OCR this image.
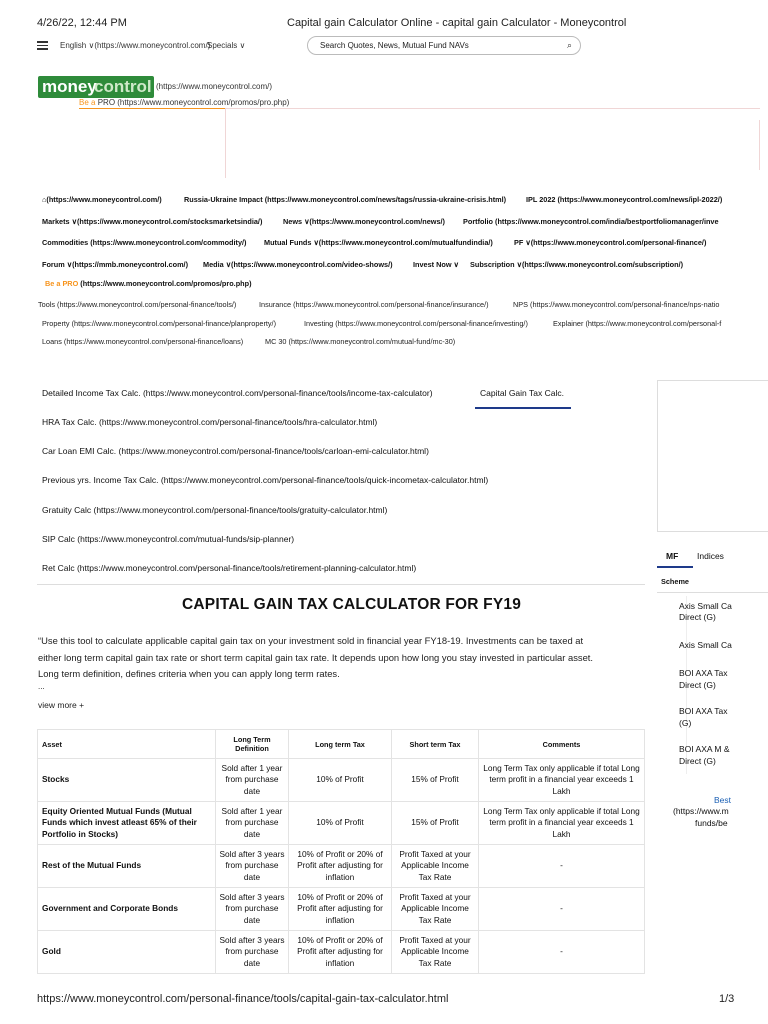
4/26/22, 12:44 PM	Capital gain Calculator Online - capital gain Calculator - Moneycontrol
English ∨(https://www.moneycontrol.com/)
Specials ∨	Search Quotes, News, Mutual Fund NAVs	⌕
money
control (https://www.moneycontrol.com/)
Be a PRO (https://www.moneycontrol.com/promos/pro.php)
⌂(https://www.moneycontrol.com/)	Russia-Ukraine Impact (https://www.moneycontrol.com/news/tags/russia-ukraine-crisis.html)	IPL 2022 (https://www.moneycontrol.com/news/ipl-2022/)
Markets ∨(https://www.moneycontrol.com/stocksmarketsindia/)	News ∨(https://www.moneycontrol.com/news/) Portfolio (https://www.moneycontrol.com/india/bestportfoliomanager/inve
Commodities (https://www.moneycontrol.com/commodity/) Mutual Funds ∨(https://www.moneycontrol.com/mutualfundindia/)	PF ∨(https://www.moneycontrol.com/personal-finance/)
Forum ∨(https://mmb.moneycontrol.com/) Media ∨(https://www.moneycontrol.com/video-shows/)	Invest Now ∨ Subscription ∨(https://www.moneycontrol.com/subscription/)
Be a PRO (https://www.moneycontrol.com/promos/pro.php)
Tools (https://www.moneycontrol.com/personal-finance/tools/)	Insurance (https://www.moneycontrol.com/personal-finance/insurance/)	NPS (https://www.moneycontrol.com/personal-finance/nps-natio
Property (https://www.moneycontrol.com/personal-finance/planproperty/)	Investing (https://www.moneycontrol.com/personal-finance/investing/)	Explainer (https://www.moneycontrol.com/personal-f
Loans (https://www.moneycontrol.com/personal-finance/loans)	MC 30 (https://www.moneycontrol.com/mutual-fund/mc-30)
Detailed Income Tax Calc. (https://www.moneycontrol.com/personal-finance/tools/income-tax-calculator)	Capital Gain Tax Calc.
HRA Tax Calc. (https://www.moneycontrol.com/personal-finance/tools/hra-calculator.html)
Car Loan EMI Calc. (https://www.moneycontrol.com/personal-finance/tools/carloan-emi-calculator.html)
Previous yrs. Income Tax Calc. (https://www.moneycontrol.com/personal-finance/tools/quick-incometax-calculator.html)
Gratuity Calc (https://www.moneycontrol.com/personal-finance/tools/gratuity-calculator.html)
SIP Calc (https://www.moneycontrol.com/mutual-funds/sip-planner)
Ret Calc (https://www.moneycontrol.com/personal-finance/tools/retirement-planning-calculator.html)
CAPITAL GAIN TAX CALCULATOR FOR FY19
“Use this tool to calculate applicable capital gain tax on your investment sold in financial year FY18-19. Investments can be taxed at
either long term capital gain tax rate or short term capital gain tax rate. It depends upon how long you stay invested in particular asset.
Long term definition, defines criteria when you can apply long term rates.
...
view more +
Asset	Long Term Definition	Long term Tax	Short term Tax	Comments
Stocks	Sold after 1 year from purchase date	10% of Profit	15% of Profit	Long Term Tax only applicable if total Long term profit in a financial year exceeds 1 Lakh
Equity Oriented Mutual Funds (Mutual Funds which invest atleast 65% of their Portfolio in Stocks)	Sold after 1 year from purchase date	10% of Profit	15% of Profit	Long Term Tax only applicable if total Long term profit in a financial year exceeds 1 Lakh
Rest of the Mutual Funds	Sold after 3 years from purchase date	10% of Profit or 20% of Profit after adjusting for inflation	Profit Taxed at your Applicable Income Tax Rate	-
Government and Corporate Bonds	Sold after 3 years from purchase date	10% of Profit or 20% of Profit after adjusting for inflation	Profit Taxed at your Applicable Income Tax Rate	-
Gold	Sold after 3 years from purchase date	10% of Profit or 20% of Profit after adjusting for inflation	Profit Taxed at your Applicable Income Tax Rate	-
MF Indices
Scheme
Axis Small Ca
Direct (G)
Axis Small Ca
BOI AXA Tax
Direct (G)
BOI AXA Tax
(G)
BOI AXA M &
Direct (G)
Best
(https://www.m
funds/be
https://www.moneycontrol.com/personal-finance/tools/capital-gain-tax-calculator.html	1/3
